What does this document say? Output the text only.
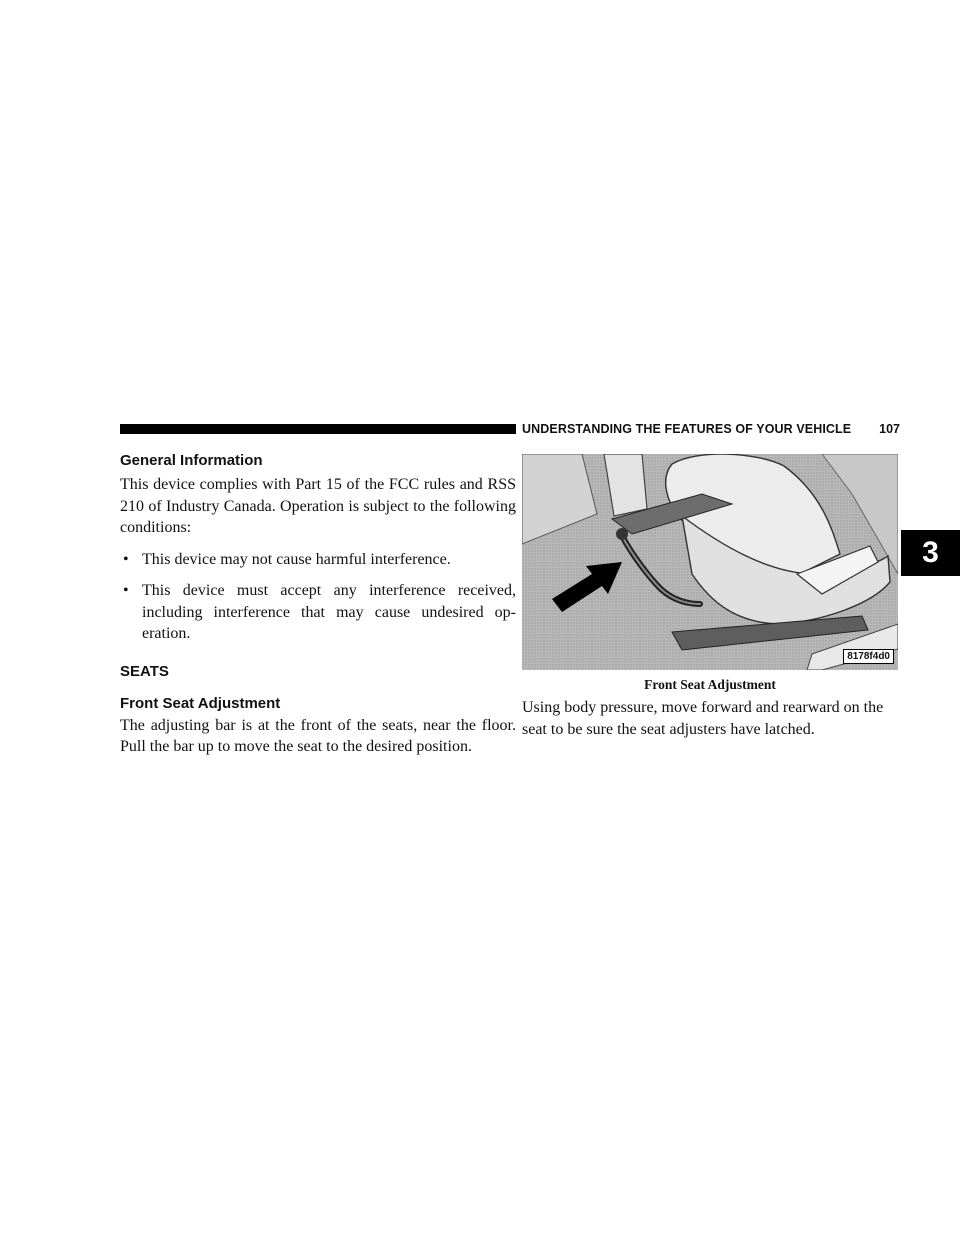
UNDERSTANDING THE FEATURES OF YOUR VEHICLE 107
3
General Information

This device complies with Part 15 of the FCC rules and RSS 210 of Industry Canada. Operation is subject to the following conditions:

• This device may not cause harmful interference.
• This device must accept any interference received, including interference that may cause undesired op-eration.
SEATS
Front Seat Adjustment

The adjusting bar is at the front of the seats, near the floor. Pull the bar up to move the seat to the desired position.

8178f4d0
Front Seat Adjustment

Using body pressure, move forward and rearward on the seat to be sure the seat adjusters have latched.
